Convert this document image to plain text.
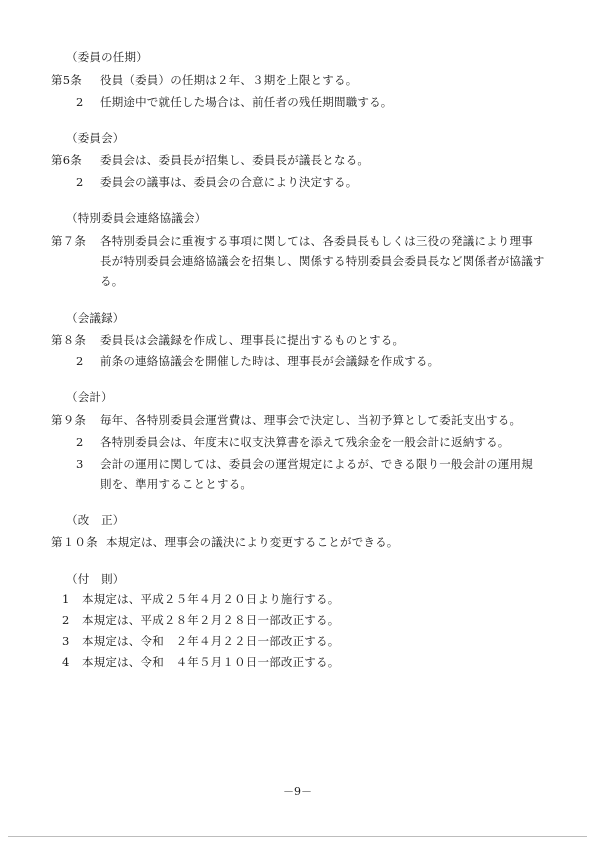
（委員の任期）
第5条 役員（委員）の任期は２年、３期を上限とする。
2 任期途中で就任した場合は、前任者の残任期間職する。
（委員会）
第6条 委員会は、委員長が招集し、委員長が議長となる。
2 委員会の議事は、委員会の合意により決定する。
（特別委員会連絡協議会）
第７条 各特別委員会に重複する事項に関しては、各委員長もしくは三役の発議により理事
長が特別委員会連絡協議会を招集し、関係する特別委員会委員長など関係者が協議す
る。
（会議録）
第８条 委員長は会議録を作成し、理事長に提出するものとする。
2 前条の連絡協議会を開催した時は、理事長が会議録を作成する。
（会計）
第９条 毎年、各特別委員会運営費は、理事会で決定し、当初予算として委託支出する。
2 各特別委員会は、年度末に収支決算書を添えて残余金を一般会計に返納する。
3 会計の運用に関しては、委員会の運営規定によるが、できる限り一般会計の運用規
則を、準用することとする。
（改　正）
第１０条 本規定は、理事会の議決により変更することができる。
（付　則）
1 本規定は、平成２５年４月２０日より施行する。
2 本規定は、平成２８年２月２８日一部改正する。
3 本規定は、令和　２年４月２２日一部改正する。
4 本規定は、令和　４年５月１０日一部改正する。
－9－
